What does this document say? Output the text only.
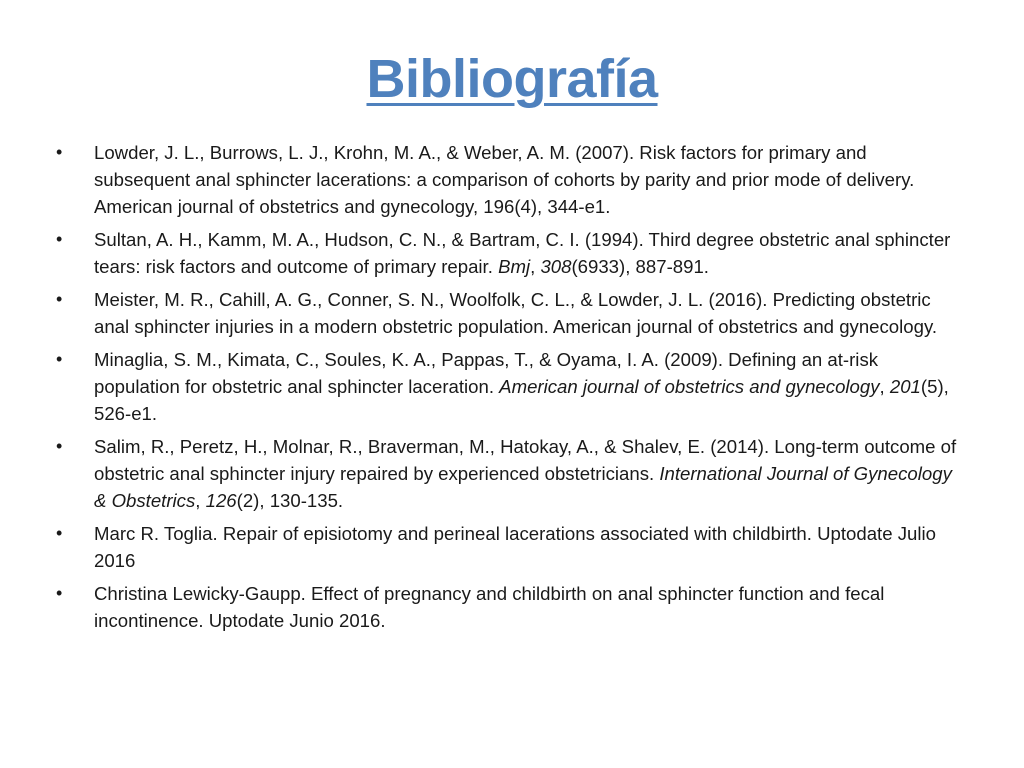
Bibliografía
•	Lowder, J. L., Burrows, L. J., Krohn, M. A., & Weber, A. M. (2007). Risk factors for primary and subsequent anal sphincter lacerations: a comparison of cohorts by parity and prior mode of delivery. American journal of obstetrics and gynecology, 196(4), 344-e1.
•	Sultan, A. H., Kamm, M. A., Hudson, C. N., & Bartram, C. I. (1994). Third degree obstetric anal sphincter tears: risk factors and outcome of primary repair. Bmj, 308(6933), 887-891.
•	Meister, M. R., Cahill, A. G., Conner, S. N., Woolfolk, C. L., & Lowder, J. L. (2016). Predicting obstetric anal sphincter injuries in a modern obstetric population. American journal of obstetrics and gynecology.
•	Minaglia, S. M., Kimata, C., Soules, K. A., Pappas, T., & Oyama, I. A. (2009). Defining an at-risk population for obstetric anal sphincter laceration. American journal of obstetrics and gynecology, 201(5), 526-e1.
•	Salim, R., Peretz, H., Molnar, R., Braverman, M., Hatokay, A., & Shalev, E. (2014). Long-term outcome of obstetric anal sphincter injury repaired by experienced obstetricians. International Journal of Gynecology & Obstetrics, 126(2), 130-135.
•	Marc R. Toglia. Repair of episiotomy and perineal lacerations associated with childbirth. Uptodate Julio 2016
•	Christina Lewicky-Gaupp. Effect of pregnancy and childbirth on anal sphincter function and fecal incontinence. Uptodate Junio 2016.
